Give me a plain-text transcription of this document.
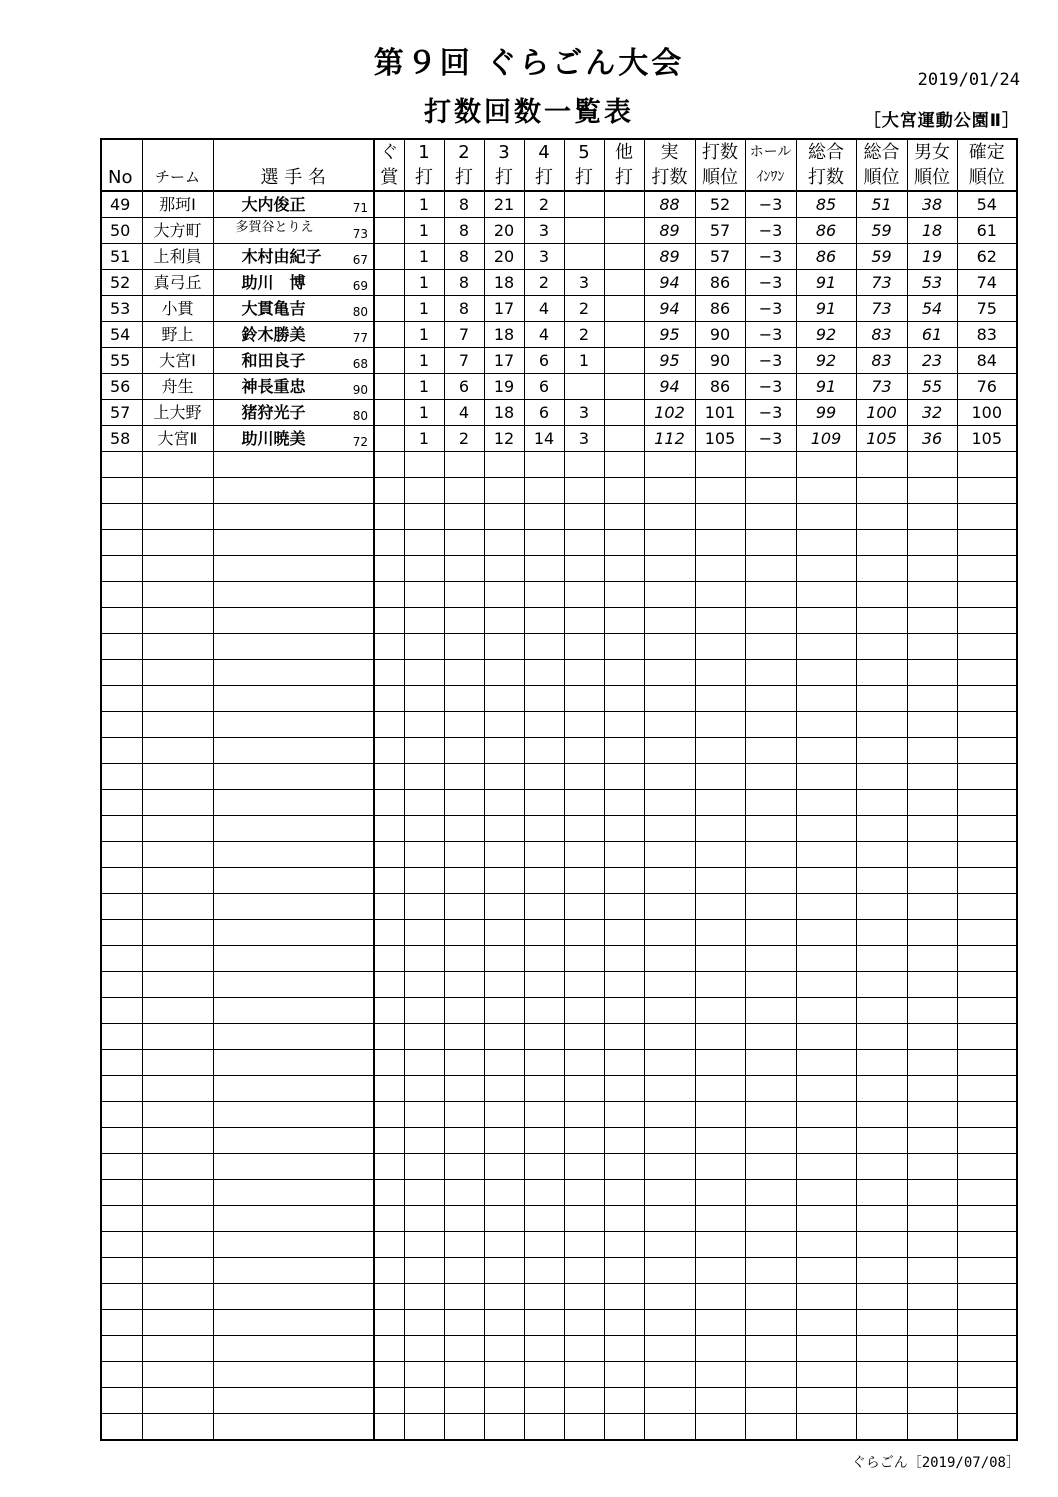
第９回 ぐらごん大会	2019/01/24
打数回数一覧表	［大宮運動公園Ⅱ］
			ぐ	1	2	3	4	5	他	実	打数	ホール	総合	総合	男女	確定
No	チーム	選 手 名	賞	打	打	打	打	打	打	打数	順位	ｲﾝﾜﾝ	打数	順位	順位	順位
49	那珂Ⅰ	大内俊正 71		1	8	21	2			88	52	−3	85	51	38	54
50	大方町	多賀谷とりえ 73		1	8	20	3			89	57	−3	86	59	18	61
51	上利員	木村由紀子 67		1	8	20	3			89	57	−3	86	59	19	62
52	真弓丘	助川　博 69		1	8	18	2	3		94	86	−3	91	73	53	74
53	小貫	大貫亀吉 80		1	8	17	4	2		94	86	−3	91	73	54	75
54	野上	鈴木勝美 77		1	7	18	4	2		95	90	−3	92	83	61	83
55	大宮Ⅰ	和田良子 68		1	7	17	6	1		95	90	−3	92	83	23	84
56	舟生	神長重忠 90		1	6	19	6			94	86	−3	91	73	55	76
57	上大野	猪狩光子 80		1	4	18	6	3		102	101	−3	99	100	32	100
58	大宮Ⅱ	助川暁美 72		1	2	12	14	3		112	105	−3	109	105	36	105

ぐらごん［2019/07/08］
